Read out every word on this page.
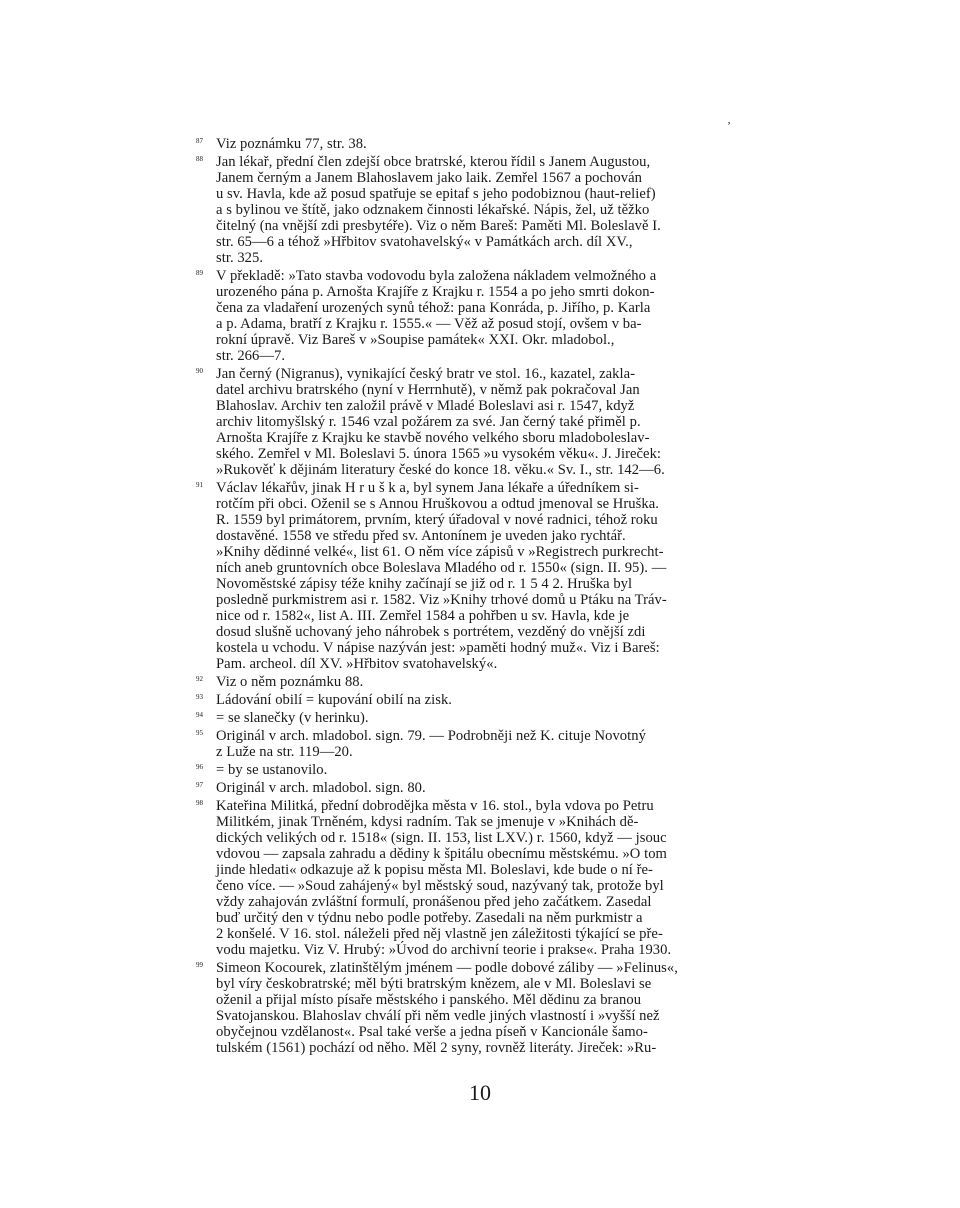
‚
87 Viz poznámku 77, str. 38.
88 Jan lékař, přední člen zdejší obce bratrské, kterou řídil s Janem Augustou,
Janem černým a Janem Blahoslavem jako laik. Zemřel 1567 a pochován
u sv. Havla, kde až posud spatřuje se epitaf s jeho podobiznou (haut-relief)
a s bylinou ve štítě, jako odznakem činnosti lékařské. Nápis, žel, už těžko
čitelný (na vnější zdi presbytéře). Viz o něm Bareš: Paměti Ml. Boleslavě I.
str. 65—6 a téhož »Hřbitov svatohavelský« v Památkách arch. díl XV.,
str. 325.
89 V překladě: »Tato stavba vodovodu byla založena nákladem velmožného a
urozeného pána p. Arnošta Krajíře z Krajku r. 1554 a po jeho smrti dokon-
čena za vladaření urozených synů téhož: pana Konráda, p. Jiřího, p. Karla
a p. Adama, bratří z Krajku r. 1555.« — Věž až posud stojí, ovšem v ba-
rokní úpravě. Viz Bareš v »Soupise památek« XXI. Okr. mladobol.,
str. 266—7.
90 Jan černý (Nigranus), vynikající český bratr ve stol. 16., kazatel, zakla-
datel archivu bratrského (nyní v Herrnhutě), v němž pak pokračoval Jan
Blahoslav. Archiv ten založil právě v Mladé Boleslavi asi r. 1547, když
archiv litomyšlský r. 1546 vzal požárem za své. Jan černý také přiměl p.
Arnošta Krajíře z Krajku ke stavbě nového velkého sboru mladoboleslav-
ského. Zemřel v Ml. Boleslavi 5. února 1565 »u vysokém věku«. J. Jireček:
»Rukověť k dějinám literatury české do konce 18. věku.« Sv. I., str. 142—6.
91 Václav lékařův, jinak H r u š k a, byl synem Jana lékaře a úředníkem si-
rotčím při obci. Oženil se s Annou Hruškovou a odtud jmenoval se Hruška.
R. 1559 byl primátorem, prvním, který úřadoval v nové radnici, téhož roku
dostavěné. 1558 ve středu před sv. Antonínem je uveden jako rychtář.
»Knihy dědinné velké«, list 61. O něm více zápisů v »Registrech purkrecht-
ních aneb gruntovních obce Boleslava Mladého od r. 1550« (sign. II. 95). —
Novoměstské zápisy téže knihy začínají se již od r. 1 5 4 2. Hruška byl
posledně purkmistrem asi r. 1582. Viz »Knihy trhové domů u Ptáku na Tráv-
nice od r. 1582«, list A. III. Zemřel 1584 a pohřben u sv. Havla, kde je
dosud slušně uchovaný jeho náhrobek s portrétem, vezděný do vnější zdi
kostela u vchodu. V nápise nazýván jest: »paměti hodný muž«. Viz i Bareš:
Pam. archeol. díl XV. »Hřbitov svatohavelský«.
92 Viz o něm poznámku 88.
93 Ládování obilí = kupování obilí na zisk.
94 = se slanečky (v herinku).
95 Originál v arch. mladobol. sign. 79. — Podrobněji než K. cituje Novotný
z Luže na str. 119—20.
96 = by se ustanovilo.
97 Originál v arch. mladobol. sign. 80.
98 Kateřina Militká, přední dobrodějka města v 16. stol., byla vdova po Petru
Militkém, jinak Trněném, kdysi radním. Tak se jmenuje v »Knihách dě-
dických velikých od r. 1518« (sign. II. 153, list LXV.) r. 1560, když — jsouc
vdovou — zapsala zahradu a dědiny k špitálu obecnímu městskému. »O tom
jinde hledati« odkazuje až k popisu města Ml. Boleslavi, kde bude o ní ře-
čeno více. — »Soud zahájený« byl městský soud, nazývaný tak, protože byl
vždy zahajován zvláštní formulí, pronášenou před jeho začátkem. Zasedal
buď určitý den v týdnu nebo podle potřeby. Zasedali na něm purkmistr a
2 konšelé. V 16. stol. náleželi před něj vlastně jen záležitosti týkající se pře-
vodu majetku. Viz V. Hrubý: »Úvod do archivní teorie i prakse«. Praha 1930.
99 Simeon Kocourek, zlatinštělým jménem — podle dobové záliby — »Felinus«,
byl víry českobratrské; měl býti bratrským knězem, ale v Ml. Boleslavi se
oženil a přijal místo písaře městského i panského. Měl dědinu za branou
Svatojanskou. Blahoslav chválí při něm vedle jiných vlastností i »vyšší než
obyčejnou vzdělanost«. Psal také verše a jedna píseň v Kancionále šamo-
tulském (1561) pochází od něho. Měl 2 syny, rovněž literáty. Jireček: »Ru-
10
